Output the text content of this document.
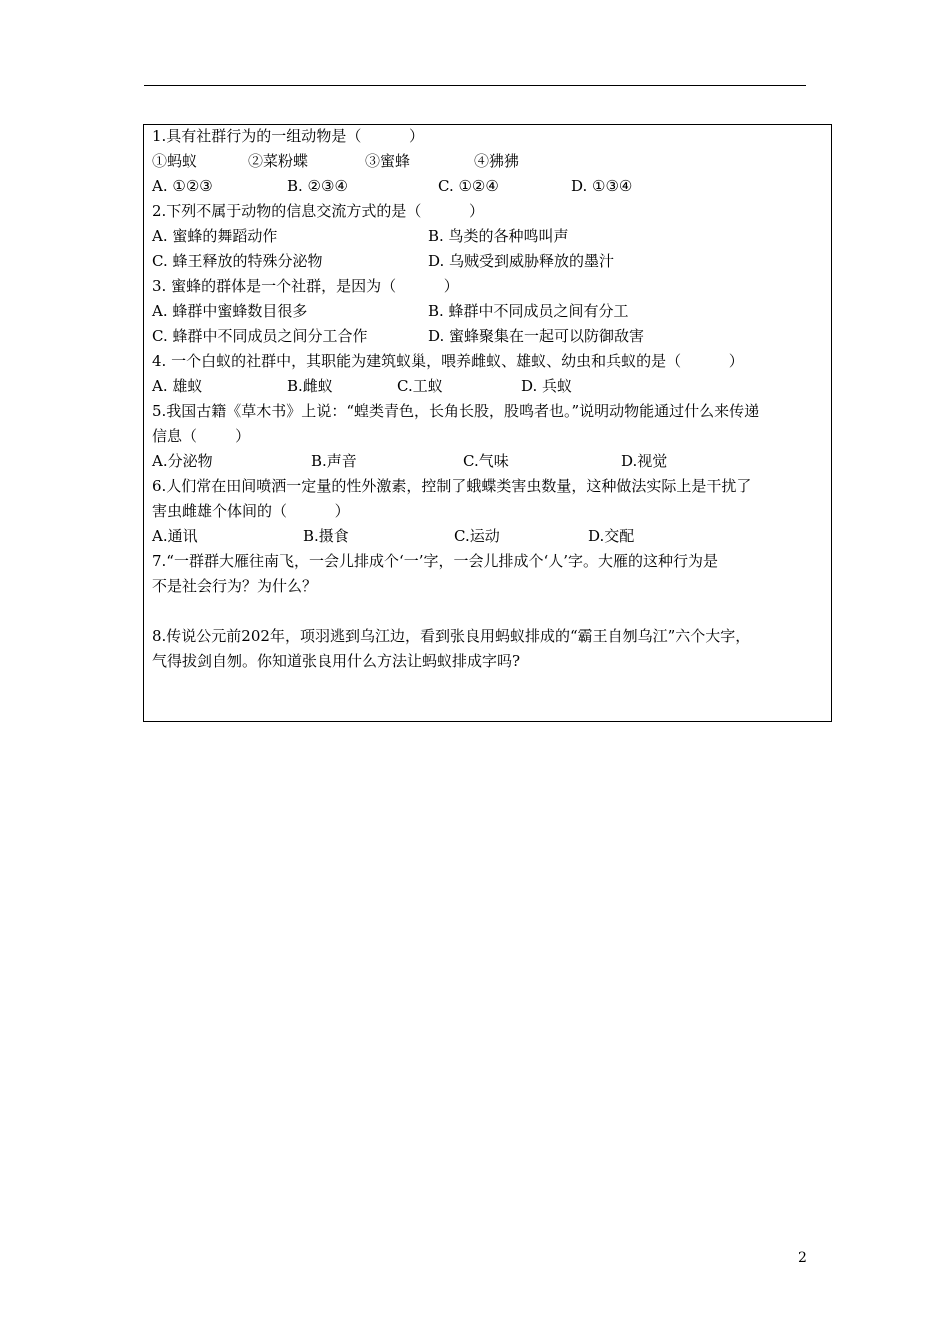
1.具有社群行为的一组动物是（          ）
①蚂蚁	②菜粉蝶	③蜜蜂	④狒狒
A. ①②③	B. ②③④	C. ①②④	D. ①③④
2.下列不属于动物的信息交流方式的是（          ）
A. 蜜蜂的舞蹈动作	B. 鸟类的各种鸣叫声
C. 蜂王释放的特殊分泌物	D. 乌贼受到威胁释放的墨汁
3. 蜜蜂的群体是一个社群，是因为（          ）
A. 蜂群中蜜蜂数目很多	B. 蜂群中不同成员之间有分工
C. 蜂群中不同成员之间分工合作	D. 蜜蜂聚集在一起可以防御敌害
4. 一个白蚁的社群中，其职能为建筑蚁巢，喂养雌蚁、雄蚁、幼虫和兵蚁的是（          ）
A. 雄蚁	B.雌蚁	C.工蚁	D. 兵蚁
5.我国古籍《草木书》上说：“蝗类青色，长角长股，股鸣者也。”说明动物能通过什么来传递
信息（        ）
A.分泌物	B.声音	C.气味	D.视觉
6.人们常在田间喷洒一定量的性外激素，控制了蛾蝶类害虫数量，这种做法实际上是干扰了
害虫雌雄个体间的（          ）
A.通讯	B.摄食	C.运动	D.交配
7.“一群群大雁往南飞，一会儿排成个‘一’字，一会儿排成个‘人’字。大雁的这种行为是
不是社会行为？为什么？
8.传说公元前202年，项羽逃到乌江边，看到张良用蚂蚁排成的“霸王自刎乌江”六个大字，
气得拔剑自刎。你知道张良用什么方法让蚂蚁排成字吗?
2
